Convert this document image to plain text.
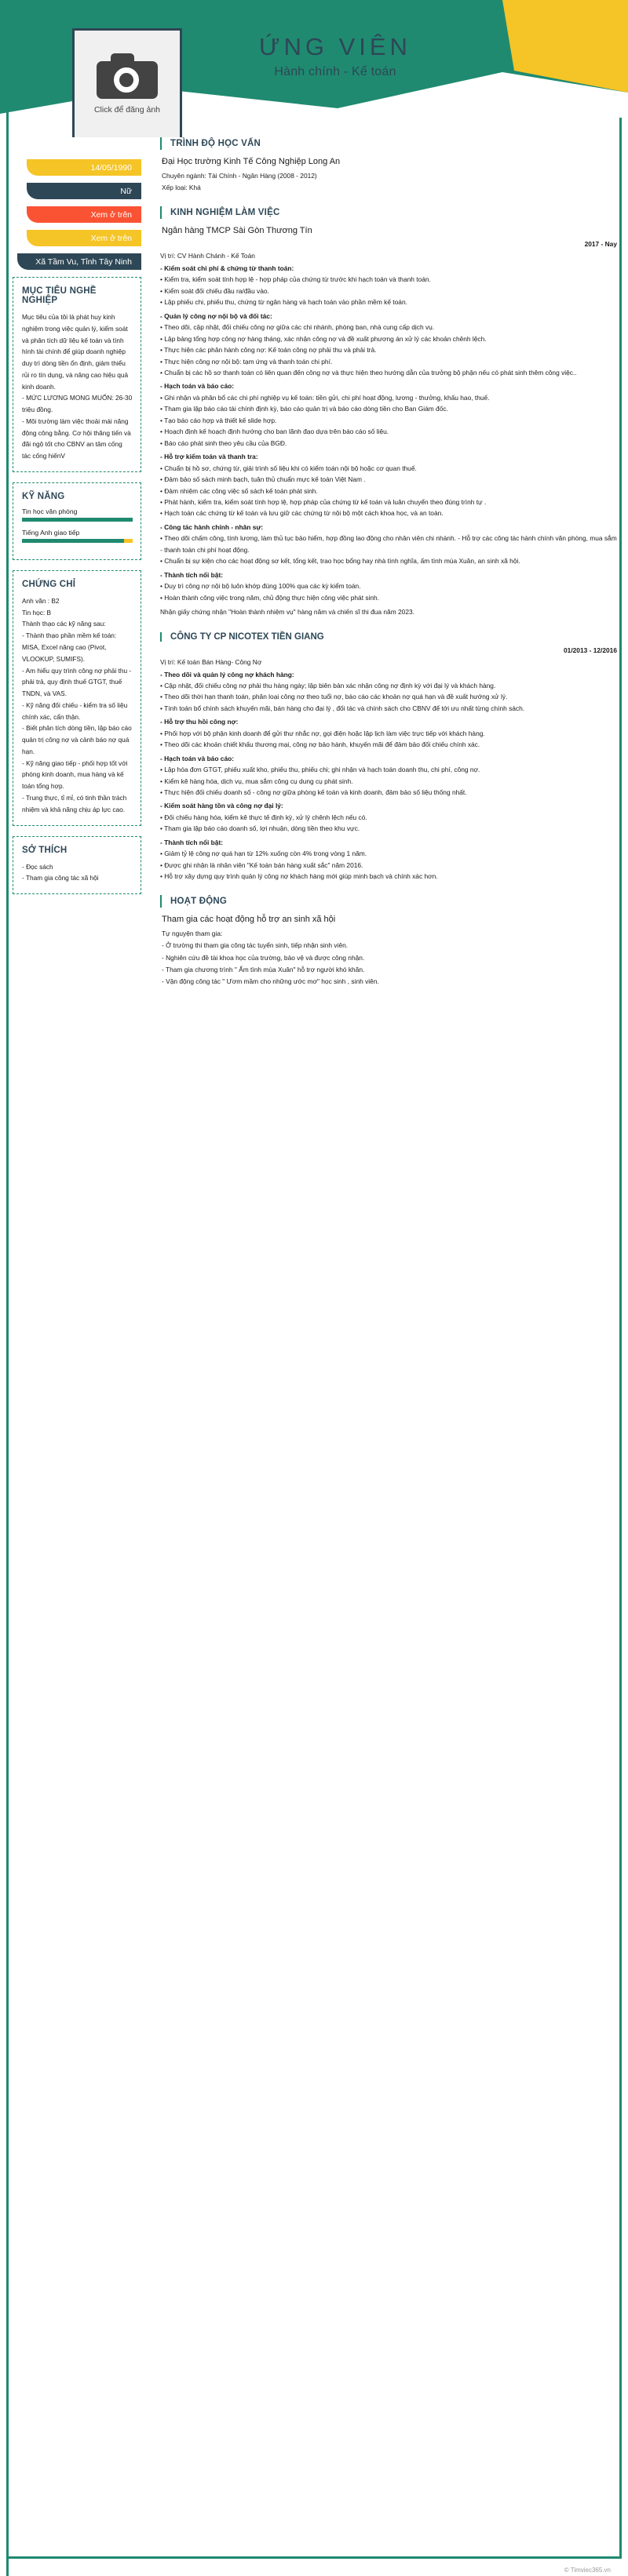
Click để đăng ảnh
ỨNG VIÊN
Hành chính - Kế toán
14/05/1990
Nữ
Xem ở trên
Xem ở trên
Xã Tầm Vu, Tỉnh Tây Ninh
MỤC TIÊU NGHỀ NGHIỆP

Mục tiêu của tôi là phát huy kinh nghiệm trong việc quản lý, kiểm soát và phân tích dữ liệu kế toán và tình hình tài chính để giúp doanh nghiệp duy trì dòng tiền ổn định, giảm thiểu rủi ro tín dụng, và nâng cao hiệu quả kinh doanh.

- MỨC LƯƠNG MONG MUỐN: 26-30 triệu đồng.

- Môi trường làm việc thoải mái năng động công bằng. Cơ hội thăng tiến và đãi ngộ tốt cho CBNV an tâm cống tác cống hiếnV

KỸ NĂNG
Tin học văn phòng
Tiếng Anh giao tiếp
CHỨNG CHỈ

Anh văn : B2

Tin học: B

Thành thạo các kỹ năng sau:

- Thành thạo phần mềm kế toán: MISA, Excel nâng cao (Pivot, VLOOKUP, SUMIFS).

- Am hiểu quy trình công nợ phải thu - phải trả, quy định thuế GTGT, thuế TNDN, và VAS.

- Kỹ năng đối chiếu - kiểm tra số liệu chính xác, cẩn thận.

- Biết phân tích dòng tiền, lập báo cáo quản trị công nợ và cảnh báo nợ quá hạn.

- Kỹ năng giao tiếp - phối hợp tốt với phòng kinh doanh, mua hàng và kế toán tổng hợp.

- Trung thực, tỉ mỉ, có tinh thần trách nhiệm và khả năng chịu áp lực cao.

SỞ THÍCH

- Đọc sách

- Tham gia công tác xã hội

TRÌNH ĐỘ HỌC VẤN
Đại Học trường Kinh Tế Công Nghiệp Long An
Chuyên ngành: Tài Chính - Ngân Hàng (2008 - 2012)
Xếp loại: Khá
KINH NGHIỆM LÀM VIỆC
Ngân hàng TMCP Sài Gòn Thương Tín
2017 - Nay
Vị trí: CV Hành Chánh - Kế Toán
- Kiểm soát chi phí & chứng từ thanh toán:
• Kiểm tra, kiểm soát tính hợp lệ - hợp pháp của chứng từ trước khi hạch toán và thanh toán.
• Kiểm soát đối chiếu đầu ra/đầu vào.
• Lập phiếu chi, phiếu thu, chứng từ ngân hàng và hạch toán vào phần mềm kế toán.
- Quản lý công nợ nội bộ và đối tác:
• Theo dõi, cập nhật, đối chiếu công nợ giữa các chi nhánh, phòng ban, nhà cung cấp dịch vụ.
• Lập bảng tổng hợp công nợ hàng tháng, xác nhận công nợ và đề xuất phương án xử lý các khoản chênh lệch.
• Thực hiện các phân hành công nợ: Kế toán công nợ phải thu và phải trả.
• Thực hiện công nợ nội bộ: tạm ứng và thanh toán chi phí.
• Chuẩn bị các hồ sơ thanh toán có liên quan đến công nợ và thực hiện theo hướng dẫn của trưởng bộ phận nếu có phát sinh thêm công việc..
- Hạch toán và báo cáo:
• Ghi nhận và phân bổ các chi phí nghiệp vụ kế toán: tiền gửi, chi phí hoạt động, lương - thưởng, khấu hao, thuế.
• Tham gia lập báo cáo tài chính định kỳ, báo cáo quản trị và báo cáo dòng tiền cho Ban Giám đốc.
• Tạo báo cáo hợp và thiết kế slide hợp.
• Hoạch định kế hoạch định hướng cho ban lãnh đạo dựa trên báo cáo số liệu.
• Báo cáo phát sinh theo yêu cầu của BGĐ.
- Hỗ trợ kiểm toán và thanh tra:
• Chuẩn bị hồ sơ, chứng từ, giải trình số liệu khi có kiểm toán nội bộ hoặc cơ quan thuế.
• Đảm bảo số sách minh bạch, tuân thủ chuẩn mực kế toán Việt Nam .
• Đảm nhiệm các công việc số sách kế toán phát sinh.
• Phát hành, kiểm tra, kiểm soát tính hợp lệ, hợp pháp của chứng từ kế toán và luân chuyển theo đúng trình tự .
• Hạch toán các chứng từ kế toán và lưu giữ các chứng từ nội bộ một cách khoa học, và an toàn.
- Công tác hành chính - nhân sự:
• Theo dõi chấm công, tính lương, làm thủ tục bảo hiểm, hợp đồng lao động cho nhân viên chi nhánh. - Hỗ trợ các công tác hành chính văn phòng, mua sắm - thanh toán chi phí hoạt động.
• Chuẩn bị sự kiện cho các hoạt động sơ kết, tổng kết, trao học bổng hay nhà tình nghĩa, ấm tình mùa Xuân, an sinh xã hội.
- Thành tích nổi bật:
• Duy trì công nợ nội bộ luôn khớp đúng 100% qua các kỳ kiểm toán.
• Hoàn thành công việc trong năm, chủ động thực hiện công việc phát sinh.
Nhận giấy chứng nhận "Hoàn thành nhiệm vụ" hàng năm và chiến sĩ thi đua năm 2023.
CÔNG TY CP NICOTEX TIỀN GIANG
01/2013 - 12/2016
Vị trí: Kế toán Bán Hàng- Công Nợ
- Theo dõi và quản lý công nợ khách hàng:
• Cập nhật, đối chiếu công nợ phải thu hàng ngày; lập biên bản xác nhận công nợ định kỳ với đại lý và khách hàng.
• Theo dõi thời hạn thanh toán, phân loại công nợ theo tuổi nợ, báo cáo các khoản nợ quá hạn và đề xuất hướng xử lý.
• Tính toán bổ chính sách khuyến mãi, bán hàng cho đại lý , đối tác và chính sách cho CBNV để tới ưu nhất từng chính sách.
- Hỗ trợ thu hồi công nợ:
• Phối hợp với bộ phận kinh doanh để gửi thư nhắc nợ, gọi điện hoặc lập lịch làm việc trực tiếp với khách hàng.
• Theo dõi các khoản chiết khấu thương mại, công nợ bảo hành, khuyến mãi để đảm bảo đối chiếu chính xác.
- Hạch toán và báo cáo:
• Lập hóa đơn GTGT, phiếu xuất kho, phiếu thu, phiếu chi; ghi nhận và hạch toán doanh thu, chi phí, công nợ.
• Kiểm kê hàng hóa, dịch vụ, mua sắm công cụ dung cụ phát sinh.
• Thực hiện đối chiếu doanh số - công nợ giữa phòng kế toán và kinh doanh, đảm bảo số liệu thống nhất.
- Kiểm soát hàng tồn và công nợ đại lý:
• Đối chiếu hàng hóa, kiểm kê thực tế định kỳ, xử lý chênh lệch nếu có.
• Tham gia lập báo cáo doanh số, lợi nhuận, dòng tiền theo khu vực.
- Thành tích nổi bật:
• Giảm tỷ lệ công nợ quá hạn từ 12% xuống còn 4% trong vòng 1 năm.
• Được ghi nhận là nhân viên "Kế toán bán hàng xuất sắc" năm 2016.
• Hỗ trợ xây dựng quy trình quản lý công nợ khách hàng mới giúp minh bạch và chính xác hơn.
HOẠT ĐỘNG
Tham gia các hoạt động hỗ trợ an sinh xã hội
Tự nguyện tham gia:
- Ở trường thi tham gia công tác tuyển sinh, tiếp nhận sinh viên.
- Nghiên cứu đề tài khoa học của trường, bảo vệ và được công nhận.
- Tham gia chương trình " Ấm tình mùa Xuân" hỗ trợ người khó khăn.
- Vận động công tác " Ươm mầm cho những ước mơ" học sinh , sinh viên.
© Timviec365.vn
